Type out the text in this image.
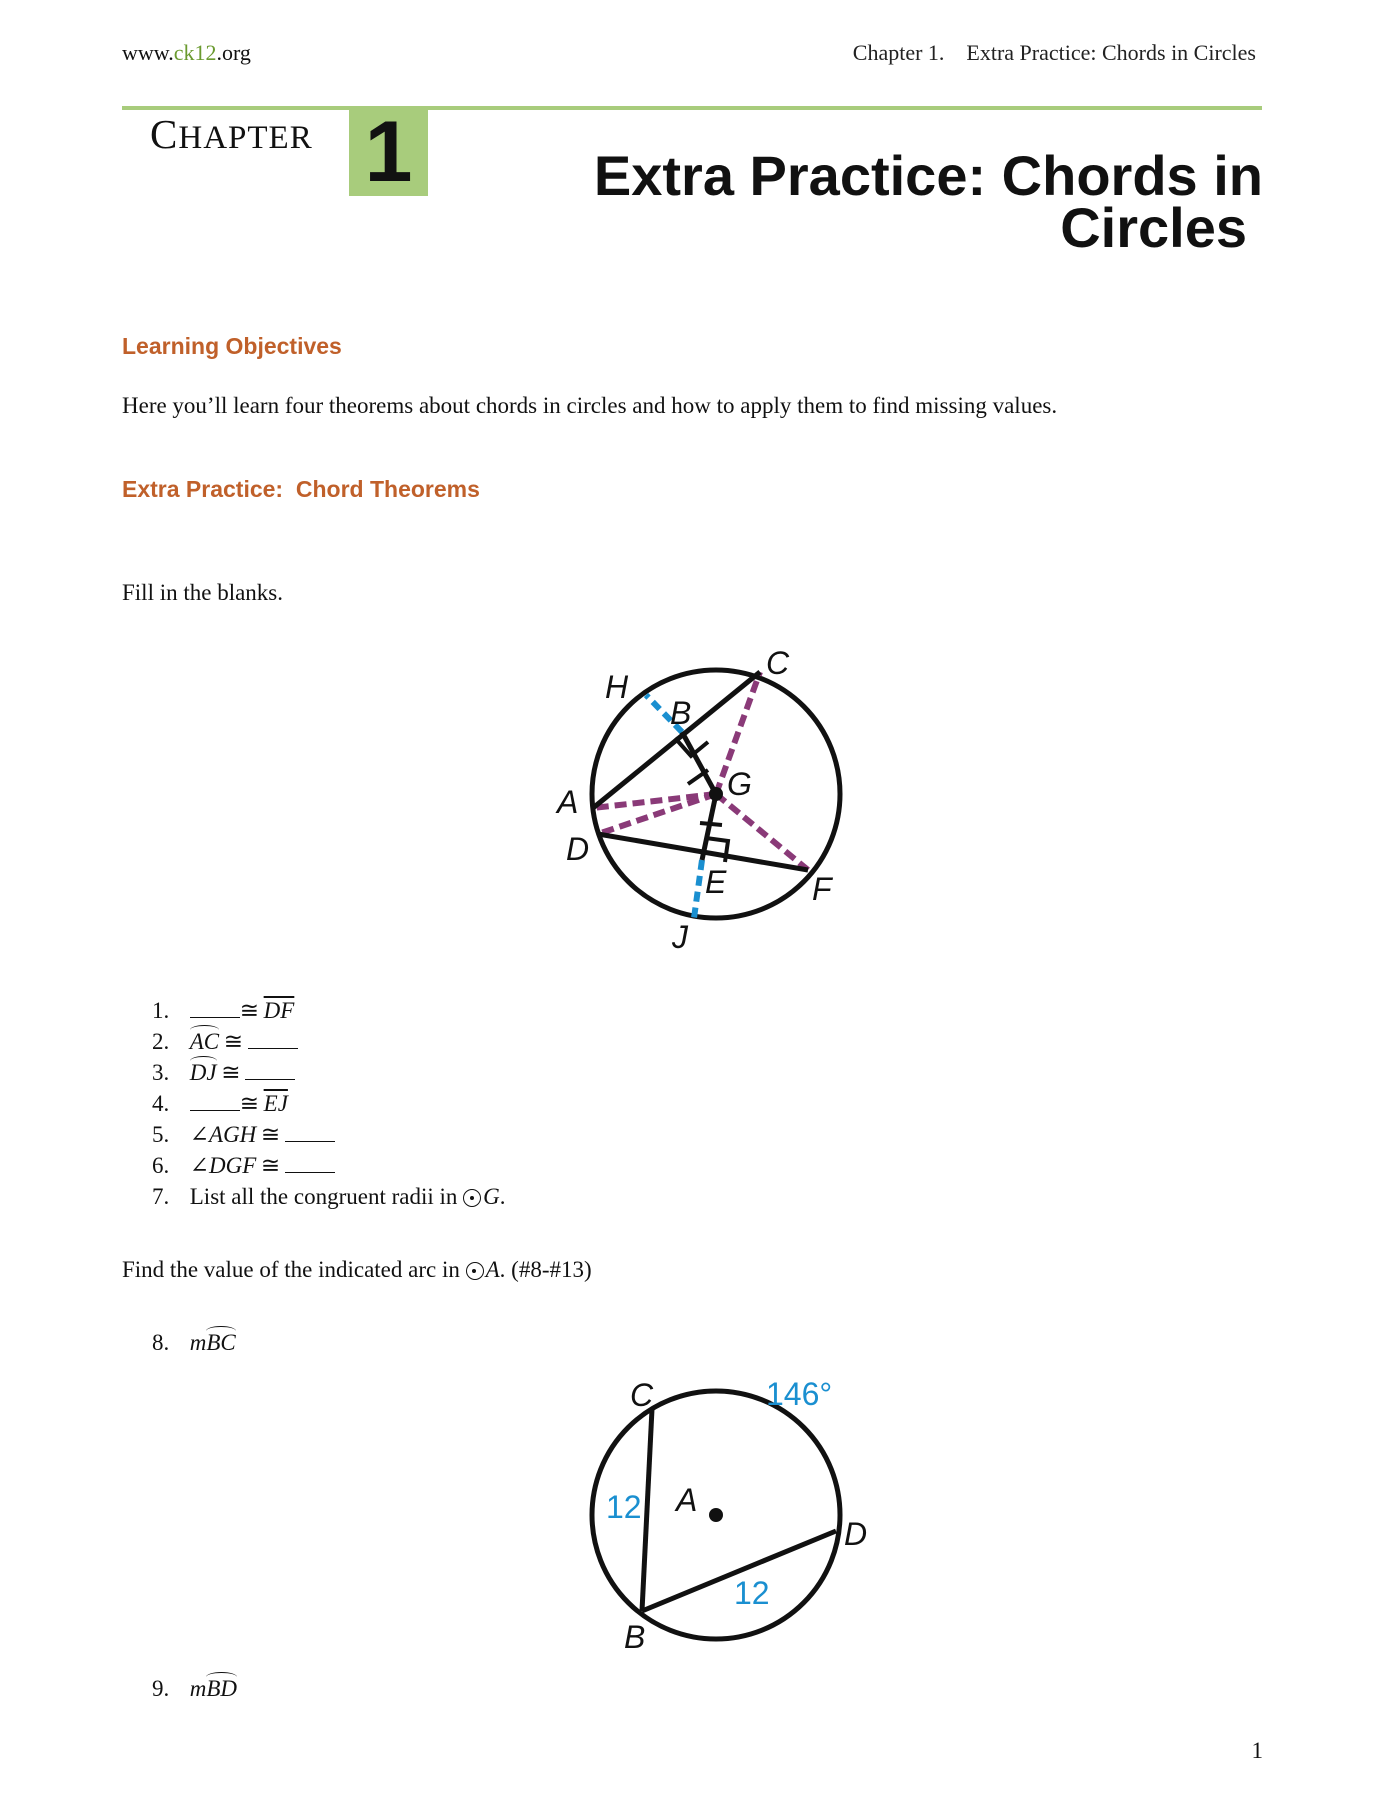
www.ck12.org	Chapter 1.    Extra Practice: Chords in Circles
CHAPTER 1	Extra Practice: Chords in
Circles
Learning Objectives
Here you’ll learn four theorems about chords in circles and how to apply them to find missing values.
Extra Practice:  Chord Theorems
Fill in the blanks.
H
C
B
G
A
D
E	F
J
1.	≅  $\overline{DF}$
2. AC  ≅ 
3. DJ  ≅ 
4.	≅  $\overline{EJ}$
5. ∠AGH  ≅ 
6. ∠DGF  ≅ 
7. List all the congruent radii in G.
Find the value of the indicated arc in A. (#8-#13)
8. mBC
C
A
D
B
146°
12
12
9. mBD
1
